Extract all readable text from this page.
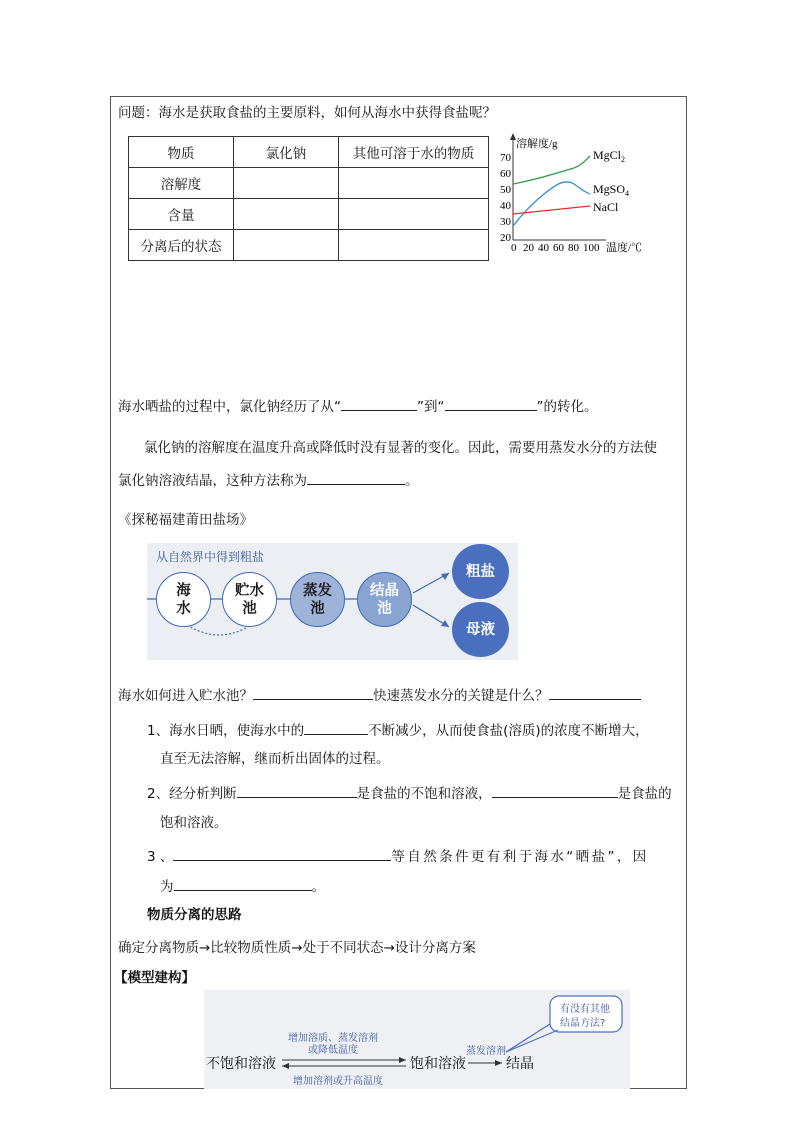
问题：海水是获取食盐的主要原料，如何从海水中获得食盐呢？
物质	氯化钠	其他可溶于水的物质
溶解度		
含量		
分离后的状态		
溶解度/g
70
60
50
40
30
20
0 20 40 60 80 100 温度/℃
MgCl$_2$
MgSO$_4$
NaCl
海水晒盐的过程中，氯化钠经历了从“	”到“	”的转化。
氯化钠的溶解度在温度升高或降低时没有显著的变化。因此，需要用蒸发水分的方法使
氯化钠溶液结晶，这种方法称为	。
《探秘福建莆田盐场》
从自然界中得到粗盐
海
水
贮水
池
蒸发
池
结晶
池
粗盐
母液
海水如何进入贮水池？	快速蒸发水分的关键是什么？
1、海水日晒，使海水中的	不断减少，从而使食盐(溶质)的浓度不断增大，
直至无法溶解，继而析出固体的过程。
2、经分析判断	是食盐的不饱和溶液，	是食盐的
饱和溶液。
3 、	等自然条件更有利于海水“晒盐”，因
为	。
物质分离的思路
确定分离物质→比较物质性质→处于不同状态→设计分离方案
【模型建构】
增加溶质、蒸发溶剂
或降低温度
增加溶剂或升高温度
不饱和溶液	饱和溶液
蒸发溶剂
结晶
有没有其他
结晶方法?
